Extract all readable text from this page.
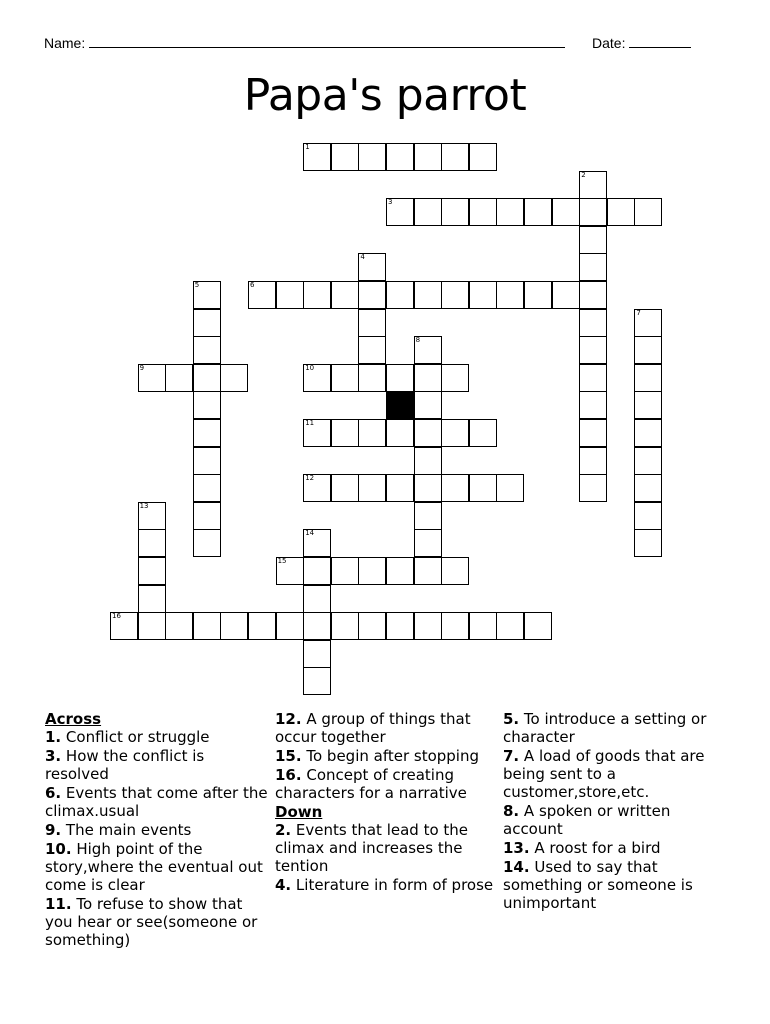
Name:	Date:
Papa's parrot
1
2
3
4
5	6
7
8
9	10
11
12
13
14
15
16
Across
1. Conflict or struggle
3. How the conflict is resolved
6. Events that come after the climax.usual
9. The main events
10. High point of the story,where the eventual out come is clear
11. To refuse to show that you hear or see(someone or something)
12. A group of things that occur together
15. To begin after stopping
16. Concept of creating characters for a narrative
Down
2. Events that lead to the climax and increases the tention
4. Literature in form of prose
5. To introduce a setting or character
7. A load of goods that are being sent to a customer,store,etc.
8. A spoken or written account
13. A roost for a bird
14. Used to say that something or someone is unimportant
